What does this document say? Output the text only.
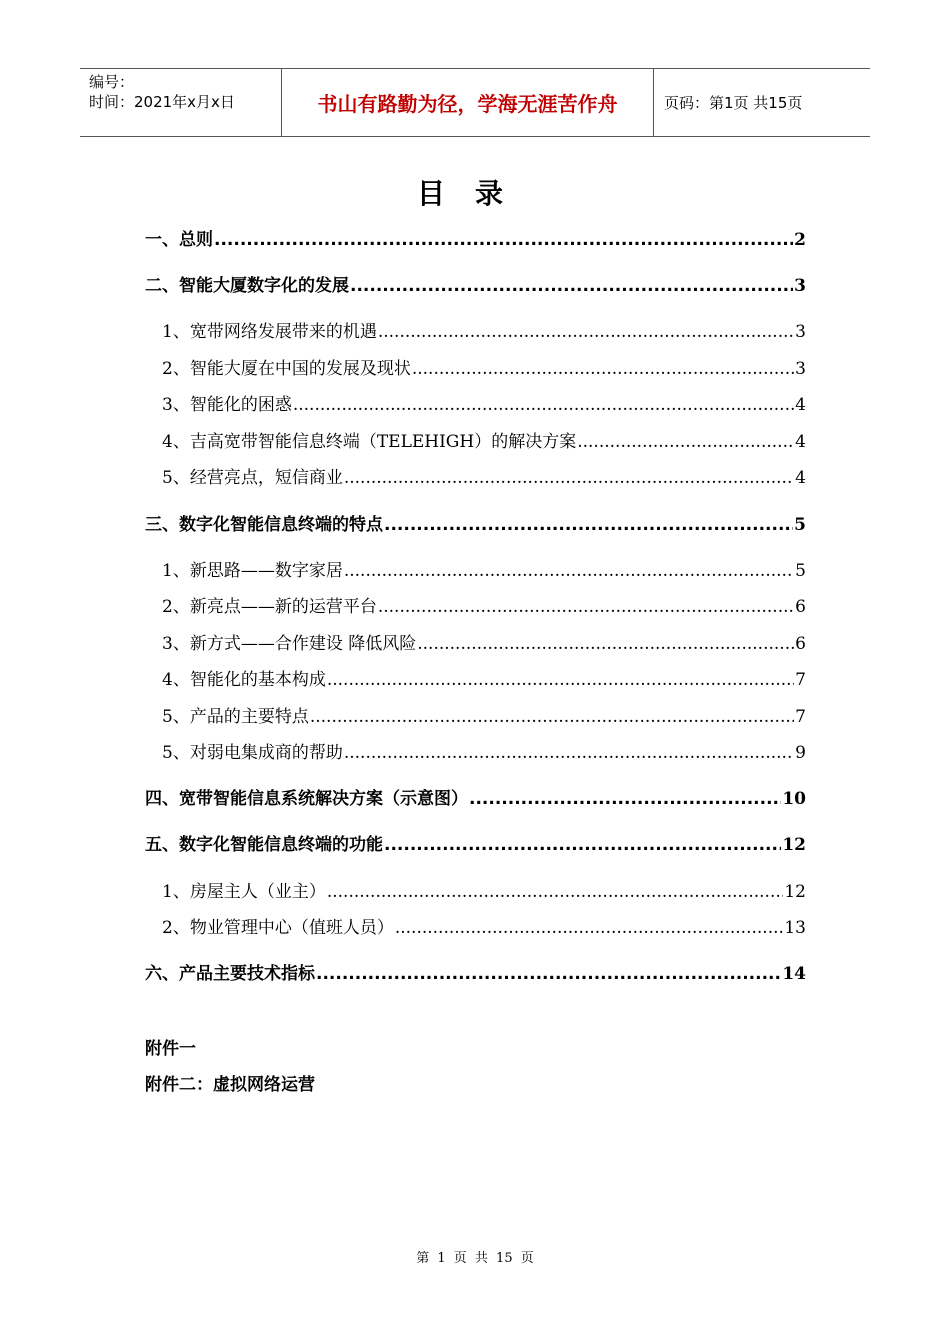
编号：
时间：2021年x月x日	书山有路勤为径，学海无涯苦作舟	页码：第1页 共15页
目录
一、总则 .....	2
二、智能大厦数字化的发展 .....	3
1、宽带网络发展带来的机遇 .....	3
2、智能大厦在中国的发展及现状 .....	3
3、智能化的困惑 .....	4
4、吉高宽带智能信息终端（TELEHIGH）的解决方案 .....	4
5、经营亮点，短信商业 .....	4
三、数字化智能信息终端的特点 .....	5
1、新思路——数字家居 .....	5
2、新亮点——新的运营平台 .....	6
3、新方式——合作建设 降低风险 .....	6
4、智能化的基本构成 .....	7
5、产品的主要特点 .....	7
5、对弱电集成商的帮助 .....	9
四、宽带智能信息系统解决方案（示意图） .....	10
五、数字化智能信息终端的功能 .....	12
1、房屋主人（业主） .....	12
2、物业管理中心（值班人员） .....	13
六、产品主要技术指标 .....	14
附件一
附件二：虚拟网络运营
第 1 页 共 15 页
